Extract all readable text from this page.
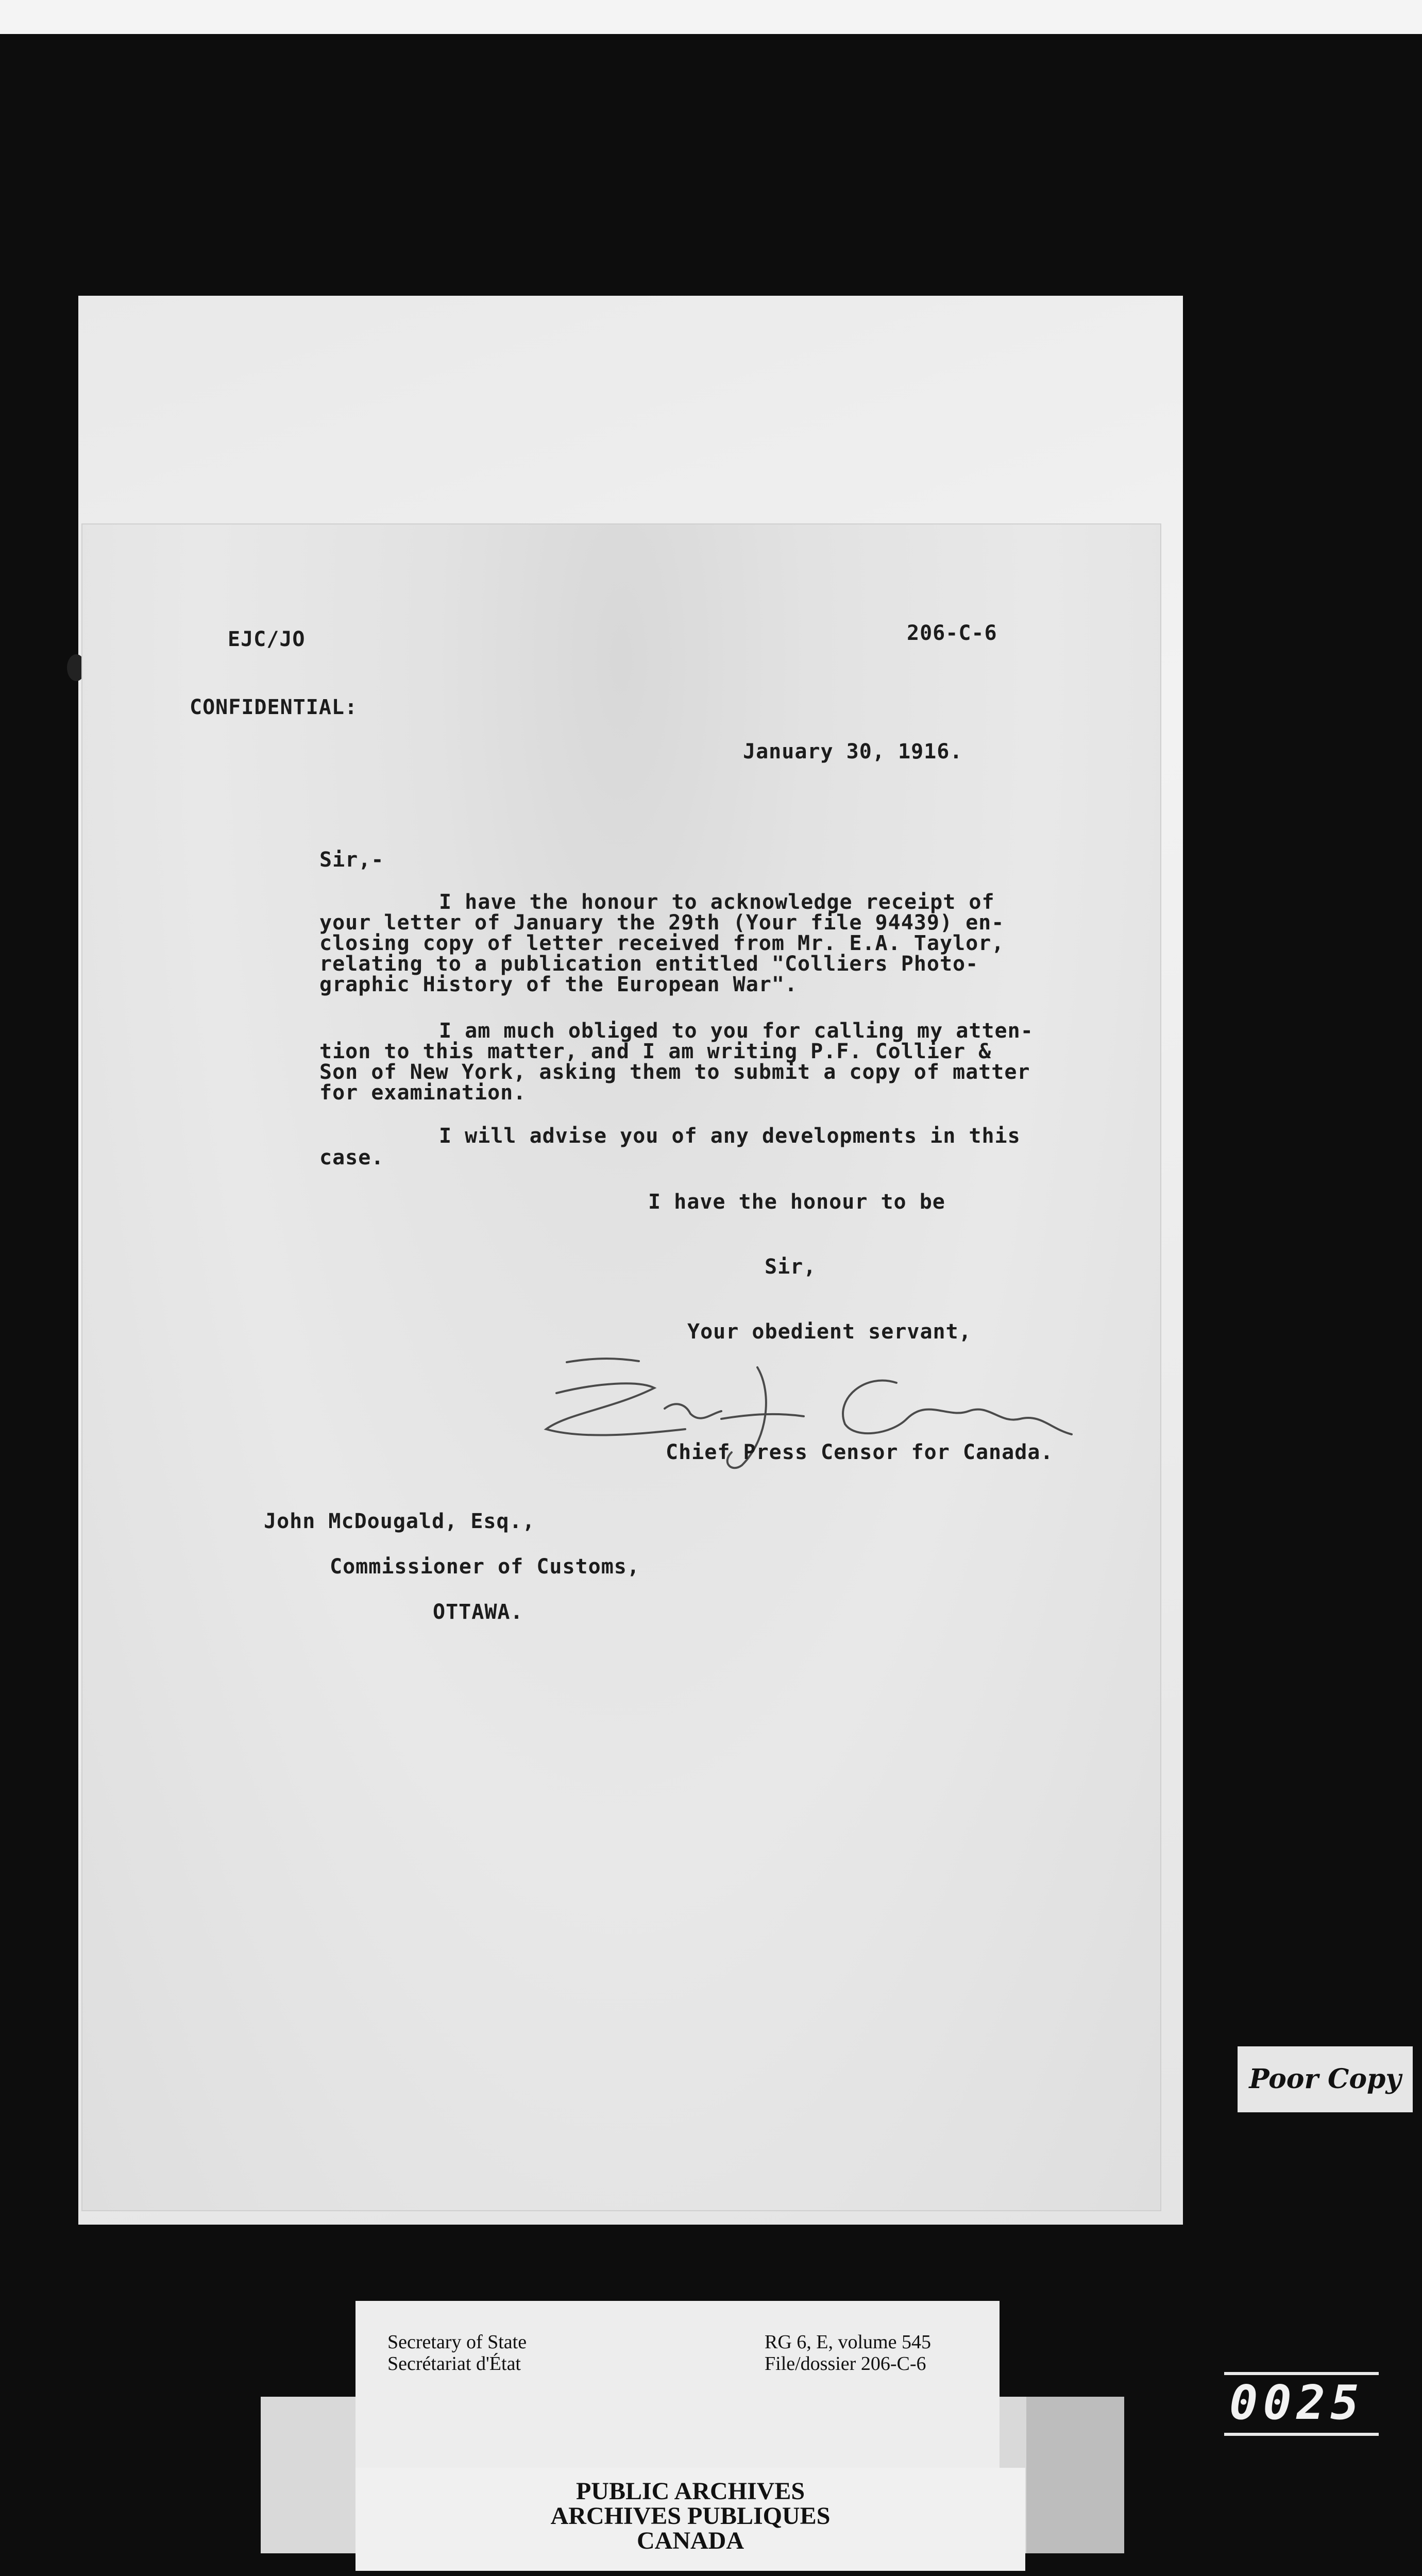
EJC/JO	206-C-6
CONFIDENTIAL:
January 30, 1916.
Sir,-
I have the honour to acknowledge receipt of
your letter of January the 29th (Your file 94439) en-
closing copy of letter received from Mr. E.A. Taylor,
relating to a publication entitled "Colliers Photo-
graphic History of the European War".
I am much obliged to you for calling my atten-
tion to this matter, and I am writing P.F. Collier &
Son of New York, asking them to submit a copy of matter
for examination.
I will advise you of any developments in this
case.
I have the honour to be
Sir,
Your obedient servant,
Chief Press Censor for Canada.
John McDougald, Esq.,
Commissioner of Customs,
OTTAWA.
Poor Copy
Secretary of State
Secrétariat d'État
RG 6, E, volume 545
File/dossier 206-C-6
PUBLIC ARCHIVES
ARCHIVES PUBLIQUES
CANADA
0025
